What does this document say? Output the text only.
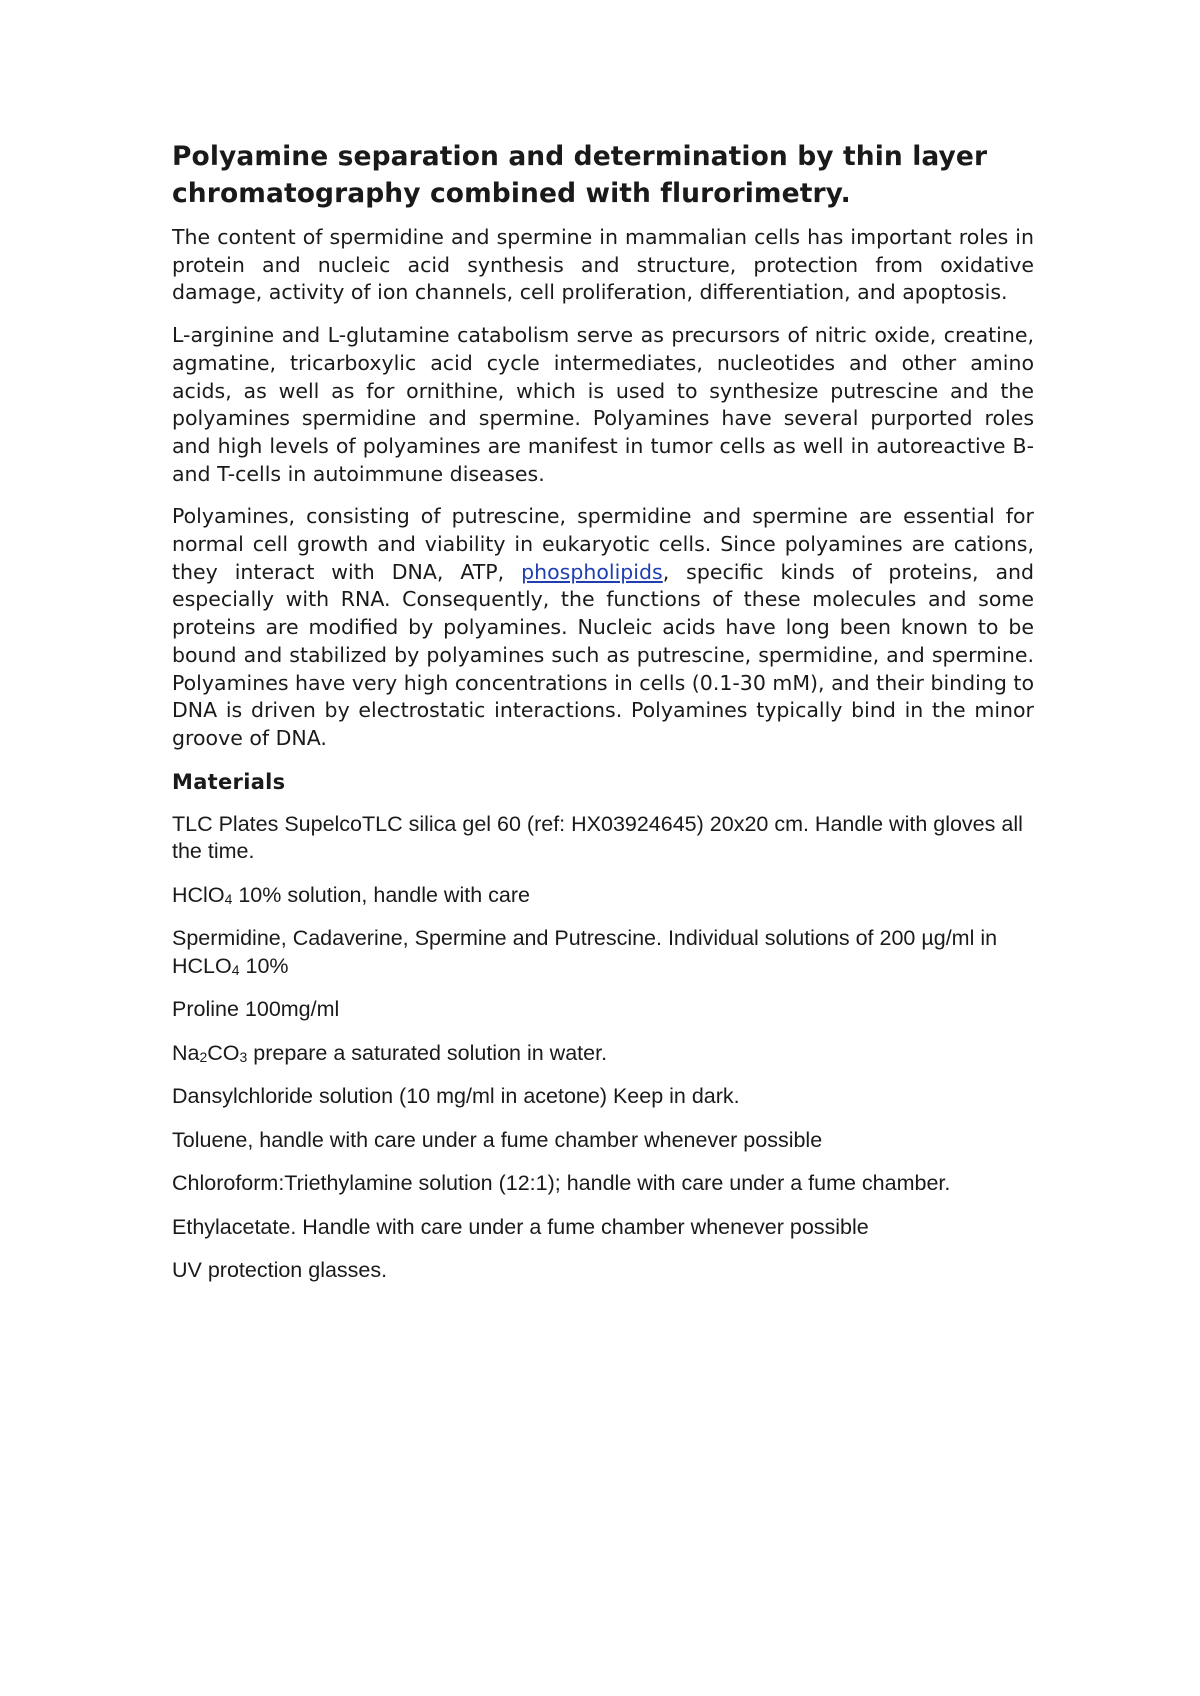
Polyamine separation and determination by thin layer chromatography combined with flurorimetry.

The content of spermidine and spermine in mammalian cells has important roles in protein and nucleic acid synthesis and structure, protection from oxidative damage, activity of ion channels, cell proliferation, differentiation, and apoptosis.

L-arginine and L-glutamine catabolism serve as precursors of nitric oxide, creatine, agmatine, tricarboxylic acid cycle intermediates, nucleotides and other amino acids, as well as for ornithine, which is used to synthesize putrescine and the polyamines spermidine and spermine. Polyamines have several purported roles and high levels of polyamines are manifest in tumor cells as well in autoreactive B- and T-cells in autoimmune diseases.

Polyamines, consisting of putrescine, spermidine and spermine are essential for normal cell growth and viability in eukaryotic cells. Since polyamines are cations, they interact with DNA, ATP, phospholipids, specific kinds of proteins, and especially with RNA. Consequently, the functions of these molecules and some proteins are modified by polyamines. Nucleic acids have long been known to be bound and stabilized by polyamines such as putrescine, spermidine, and spermine. Polyamines have very high concentrations in cells (0.1-30 mM), and their binding to DNA is driven by electrostatic interactions. Polyamines typically bind in the minor groove of DNA.

Materials

TLC Plates SupelcoTLC silica gel 60 (ref: HX03924645) 20x20 cm. Handle with gloves all the time.

HClO$_4$ 10% solution, handle with care

Spermidine, Cadaverine, Spermine and Putrescine. Individual solutions of 200 µg/ml in $HCLO_4$ 10%

Proline 100mg/ml

$Na_2CO_3$ prepare a saturated solution in water.

Dansylchloride solution (10 mg/ml in acetone) Keep in dark.

Toluene, handle with care under a fume chamber whenever possible

Chloroform:Triethylamine solution (12:1); handle with care under a fume chamber.

Ethylacetate. Handle with care under a fume chamber whenever possible

UV protection glasses.
